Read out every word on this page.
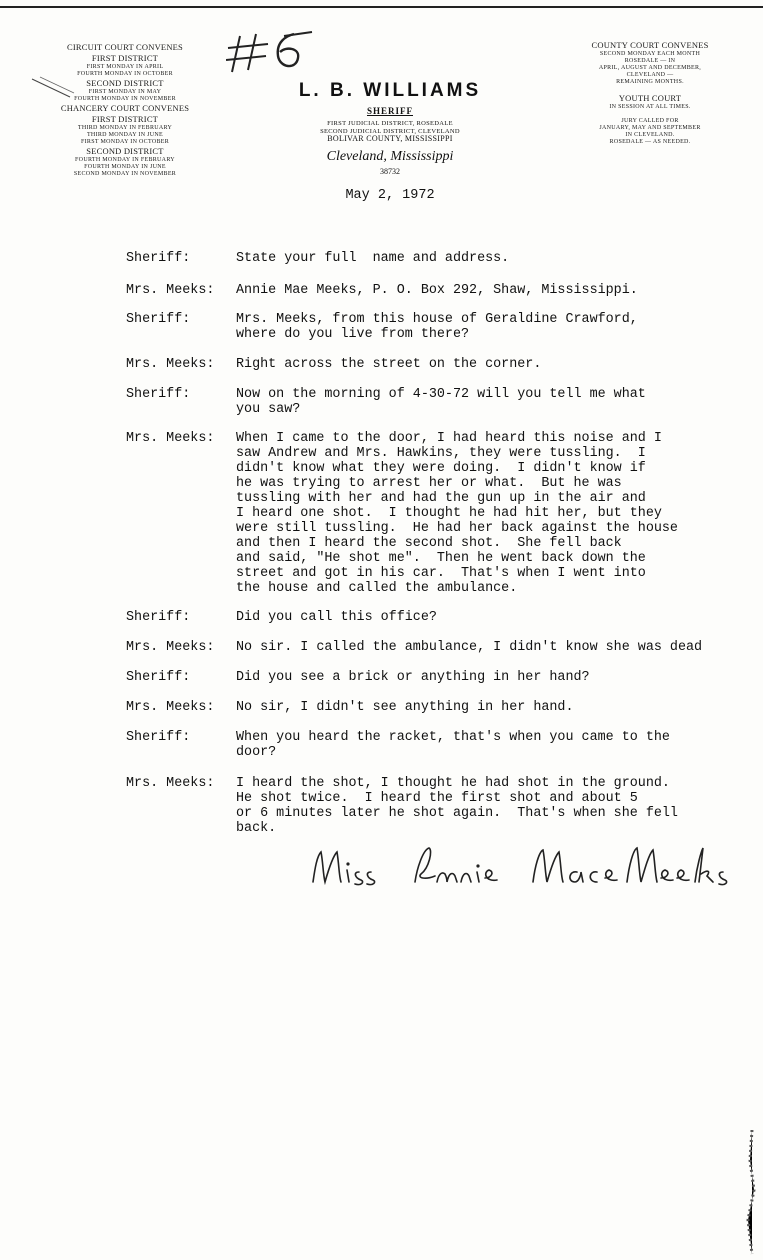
CIRCUIT COURT CONVENES
FIRST DISTRICT
FIRST MONDAY IN APRIL
FOURTH MONDAY IN OCTOBER
SECOND DISTRICT
FIRST MONDAY IN MAY
FOURTH MONDAY IN NOVEMBER
CHANCERY COURT CONVENES
FIRST DISTRICT
THIRD MONDAY IN FEBRUARY
THIRD MONDAY IN JUNE
FIRST MONDAY IN OCTOBER
SECOND DISTRICT
FOURTH MONDAY IN FEBRUARY
FOURTH MONDAY IN JUNE
SECOND MONDAY IN NOVEMBER
COUNTY COURT CONVENES
SECOND MONDAY EACH MONTH
ROSEDALE — IN
APRIL, AUGUST AND DECEMBER,
CLEVELAND —
REMAINING MONTHS.

YOUTH COURT
IN SESSION AT ALL TIMES.

JURY CALLED FOR
JANUARY, MAY AND SEPTEMBER
IN CLEVELAND.
ROSEDALE — AS NEEDED.
L. B. WILLIAMS
SHERIFF
FIRST JUDICIAL DISTRICT, ROSEDALE
SECOND JUDICIAL DISTRICT, CLEVELAND
BOLIVAR COUNTY, MISSISSIPPI
Cleveland, Mississippi
38732
May 2, 1972
Sheriff:	State your full  name and address.
Mrs. Meeks:	Annie Mae Meeks, P. O. Box 292, Shaw, Mississippi.
Sheriff:	Mrs. Meeks, from this house of Geraldine Crawford,
where do you live from there?
Mrs. Meeks:	Right across the street on the corner.
Sheriff:	Now on the morning of 4-30-72 will you tell me what
you saw?
Mrs. Meeks:	When I came to the door, I had heard this noise and I
saw Andrew and Mrs. Hawkins, they were tussling.  I
didn't know what they were doing.  I didn't know if
he was trying to arrest her or what.  But he was
tussling with her and had the gun up in the air and
I heard one shot.  I thought he had hit her, but they
were still tussling.  He had her back against the house
and then I heard the second shot.  She fell back
and said, "He shot me".  Then he went back down the
street and got in his car.  That's when I went into
the house and called the ambulance.
Sheriff:	Did you call this office?
Mrs. Meeks:	No sir. I called the ambulance, I didn't know she was dead
Sheriff:	Did you see a brick or anything in her hand?
Mrs. Meeks:	No sir, I didn't see anything in her hand.
Sheriff:	When you heard the racket, that's when you came to the
door?
Mrs. Meeks:	I heard the shot, I thought he had shot in the ground.
He shot twice.  I heard the first shot and about 5
or 6 minutes later he shot again.  That's when she fell
back.
